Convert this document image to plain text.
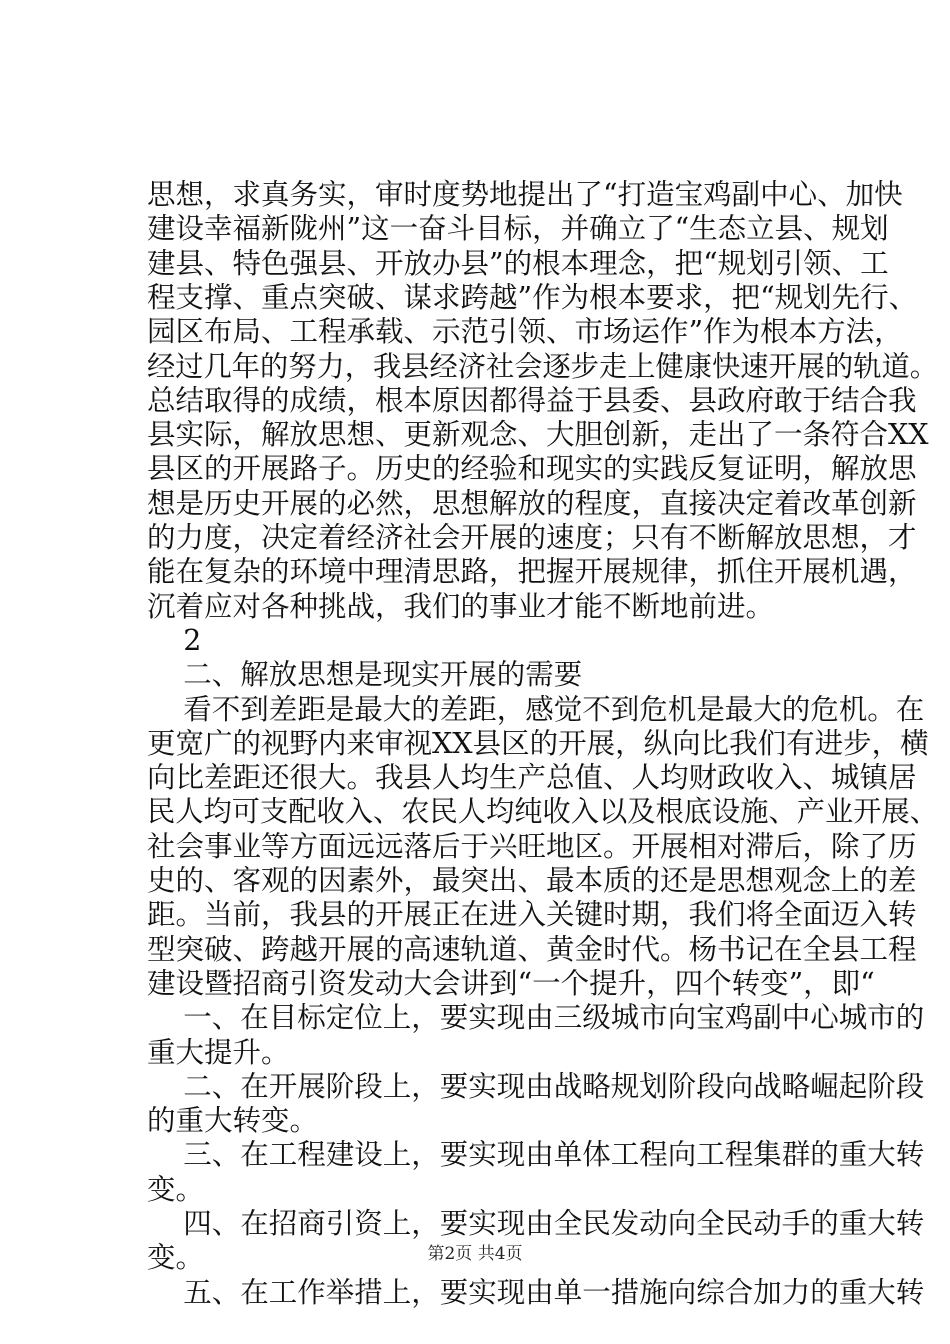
思想，求真务实，审时度势地提出了“打造宝鸡副中心、加快
建设幸福新陇州”这一奋斗目标，并确立了“生态立县、规划
建县、特色强县、开放办县”的根本理念，把“规划引领、工
程支撑、重点突破、谋求跨越”作为根本要求，把“规划先行、
园区布局、工程承载、示范引领、市场运作”作为根本方法，
经过几年的努力，我县经济社会逐步走上健康快速开展的轨道。
总结取得的成绩，根本原因都得益于县委、县政府敢于结合我
县实际，解放思想、更新观念、大胆创新，走出了一条符合XX
县区的开展路子。历史的经验和现实的实践反复证明，解放思
想是历史开展的必然，思想解放的程度，直接决定着改革创新
的力度，决定着经济社会开展的速度；只有不断解放思想，才
能在复杂的环境中理清思路，把握开展规律，抓住开展机遇，
沉着应对各种挑战，我们的事业才能不断地前进。
2
二、解放思想是现实开展的需要
看不到差距是最大的差距，感觉不到危机是最大的危机。在
更宽广的视野内来审视XX县区的开展，纵向比我们有进步，横
向比差距还很大。我县人均生产总值、人均财政收入、城镇居
民人均可支配收入、农民人均纯收入以及根底设施、产业开展、
社会事业等方面远远落后于兴旺地区。开展相对滞后，除了历
史的、客观的因素外，最突出、最本质的还是思想观念上的差
距。当前，我县的开展正在进入关键时期，我们将全面迈入转
型突破、跨越开展的高速轨道、黄金时代。杨书记在全县工程
建设暨招商引资发动大会讲到“一个提升，四个转变”，即“
一、在目标定位上，要实现由三级城市向宝鸡副中心城市的
重大提升。
二、在开展阶段上，要实现由战略规划阶段向战略崛起阶段
的重大转变。
三、在工程建设上，要实现由单体工程向工程集群的重大转
变。
四、在招商引资上，要实现由全民发动向全民动手的重大转
变。
五、在工作举措上，要实现由单一措施向综合加力的重大转
第2页 共4页
